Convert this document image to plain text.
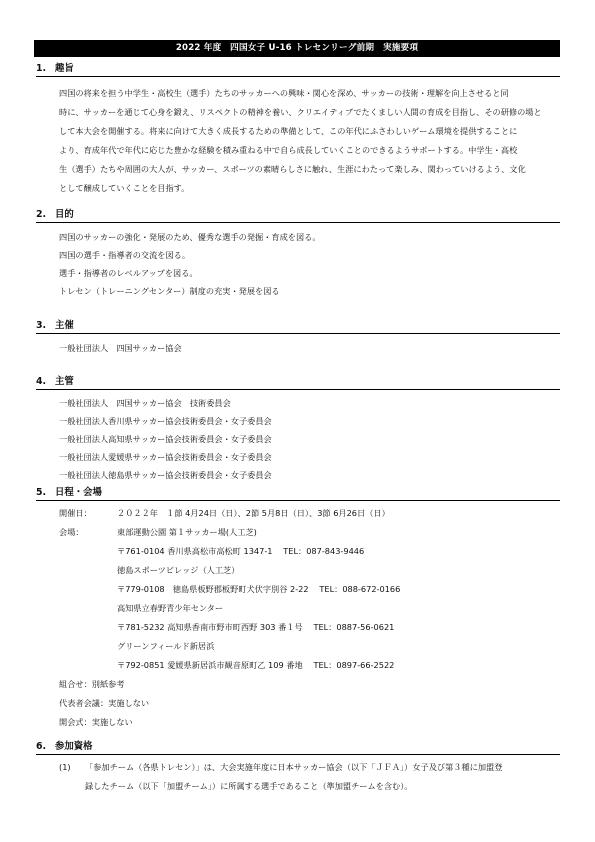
2022 年度　四国女子 U-16 トレセンリーグ前期　実施要項
1. 趣旨
四国の将来を担う中学生・高校生（選手）たちのサッカーへの興味・関心を深め、サッカーの技術・理解を向上させると同
時に、サッカーを通じて心身を鍛え、リスペクトの精神を養い、クリエイティブでたくましい人間の育成を目指し、その研修の場と
して本大会を開催する。将来に向けて大きく成長するための準備として、この年代にふさわしいゲーム環境を提供することに
より、育成年代で年代に応じた豊かな経験を積み重ねる中で自ら成長していくことのできるようサポートする。中学生・高校
生（選手）たちや周囲の大人が、サッカー、スポーツの素晴らしさに触れ、生涯にわたって楽しみ、関わっていけるよう、文化
として醸成していくことを目指す。
2. 目的
四国のサッカーの強化・発展のため、優秀な選手の発掘・育成を図る。
四国の選手・指導者の交流を図る。
選手・指導者のレベルアップを図る。
トレセン（トレーニングセンター）制度の充実・発展を図る
3. 主催
一般社団法人　四国サッカー協会
4. 主管
一般社団法人　四国サッカー協会　技術委員会
一般社団法人香川県サッカー協会技術委員会・女子委員会
一般社団法人高知県サッカー協会技術委員会・女子委員会
一般社団法人愛媛県サッカー協会技術委員会・女子委員会
一般社団法人徳島県サッカー協会技術委員会・女子委員会
5. 日程・会場
開催日：	２０２２年　１節 4月24日（日）、2節 5月8日（日）、3節 6月26日（日）
会場：	東部運動公園 第１サッカー場(人工芝)
〒761-0104 香川県高松市高松町 1347-1　 TEL：087-843-9446
徳島スポーツビレッジ（人工芝）
〒779-0108　徳島県板野郡板野町犬伏字別谷 2-22　 TEL：088-672-0166
高知県立春野青少年センター
〒781-5232 高知県香南市野市町西野 303 番１号　 TEL：0887-56-0621
グリーンフィールド新居浜
〒792-0851 愛媛県新居浜市観音原町乙 109 番地　 TEL：0897-66-2522
組合せ：別紙参考
代表者会議：実施しない
開会式：実施しない
6. 参加資格
(1) 「参加チーム（各県トレセン）」は、大会実施年度に日本サッカー協会（以下「ＪＦＡ」）女子及び第３種に加盟登
録したチーム（以下「加盟チーム」）に所属する選手であること（準加盟チームを含む）。
